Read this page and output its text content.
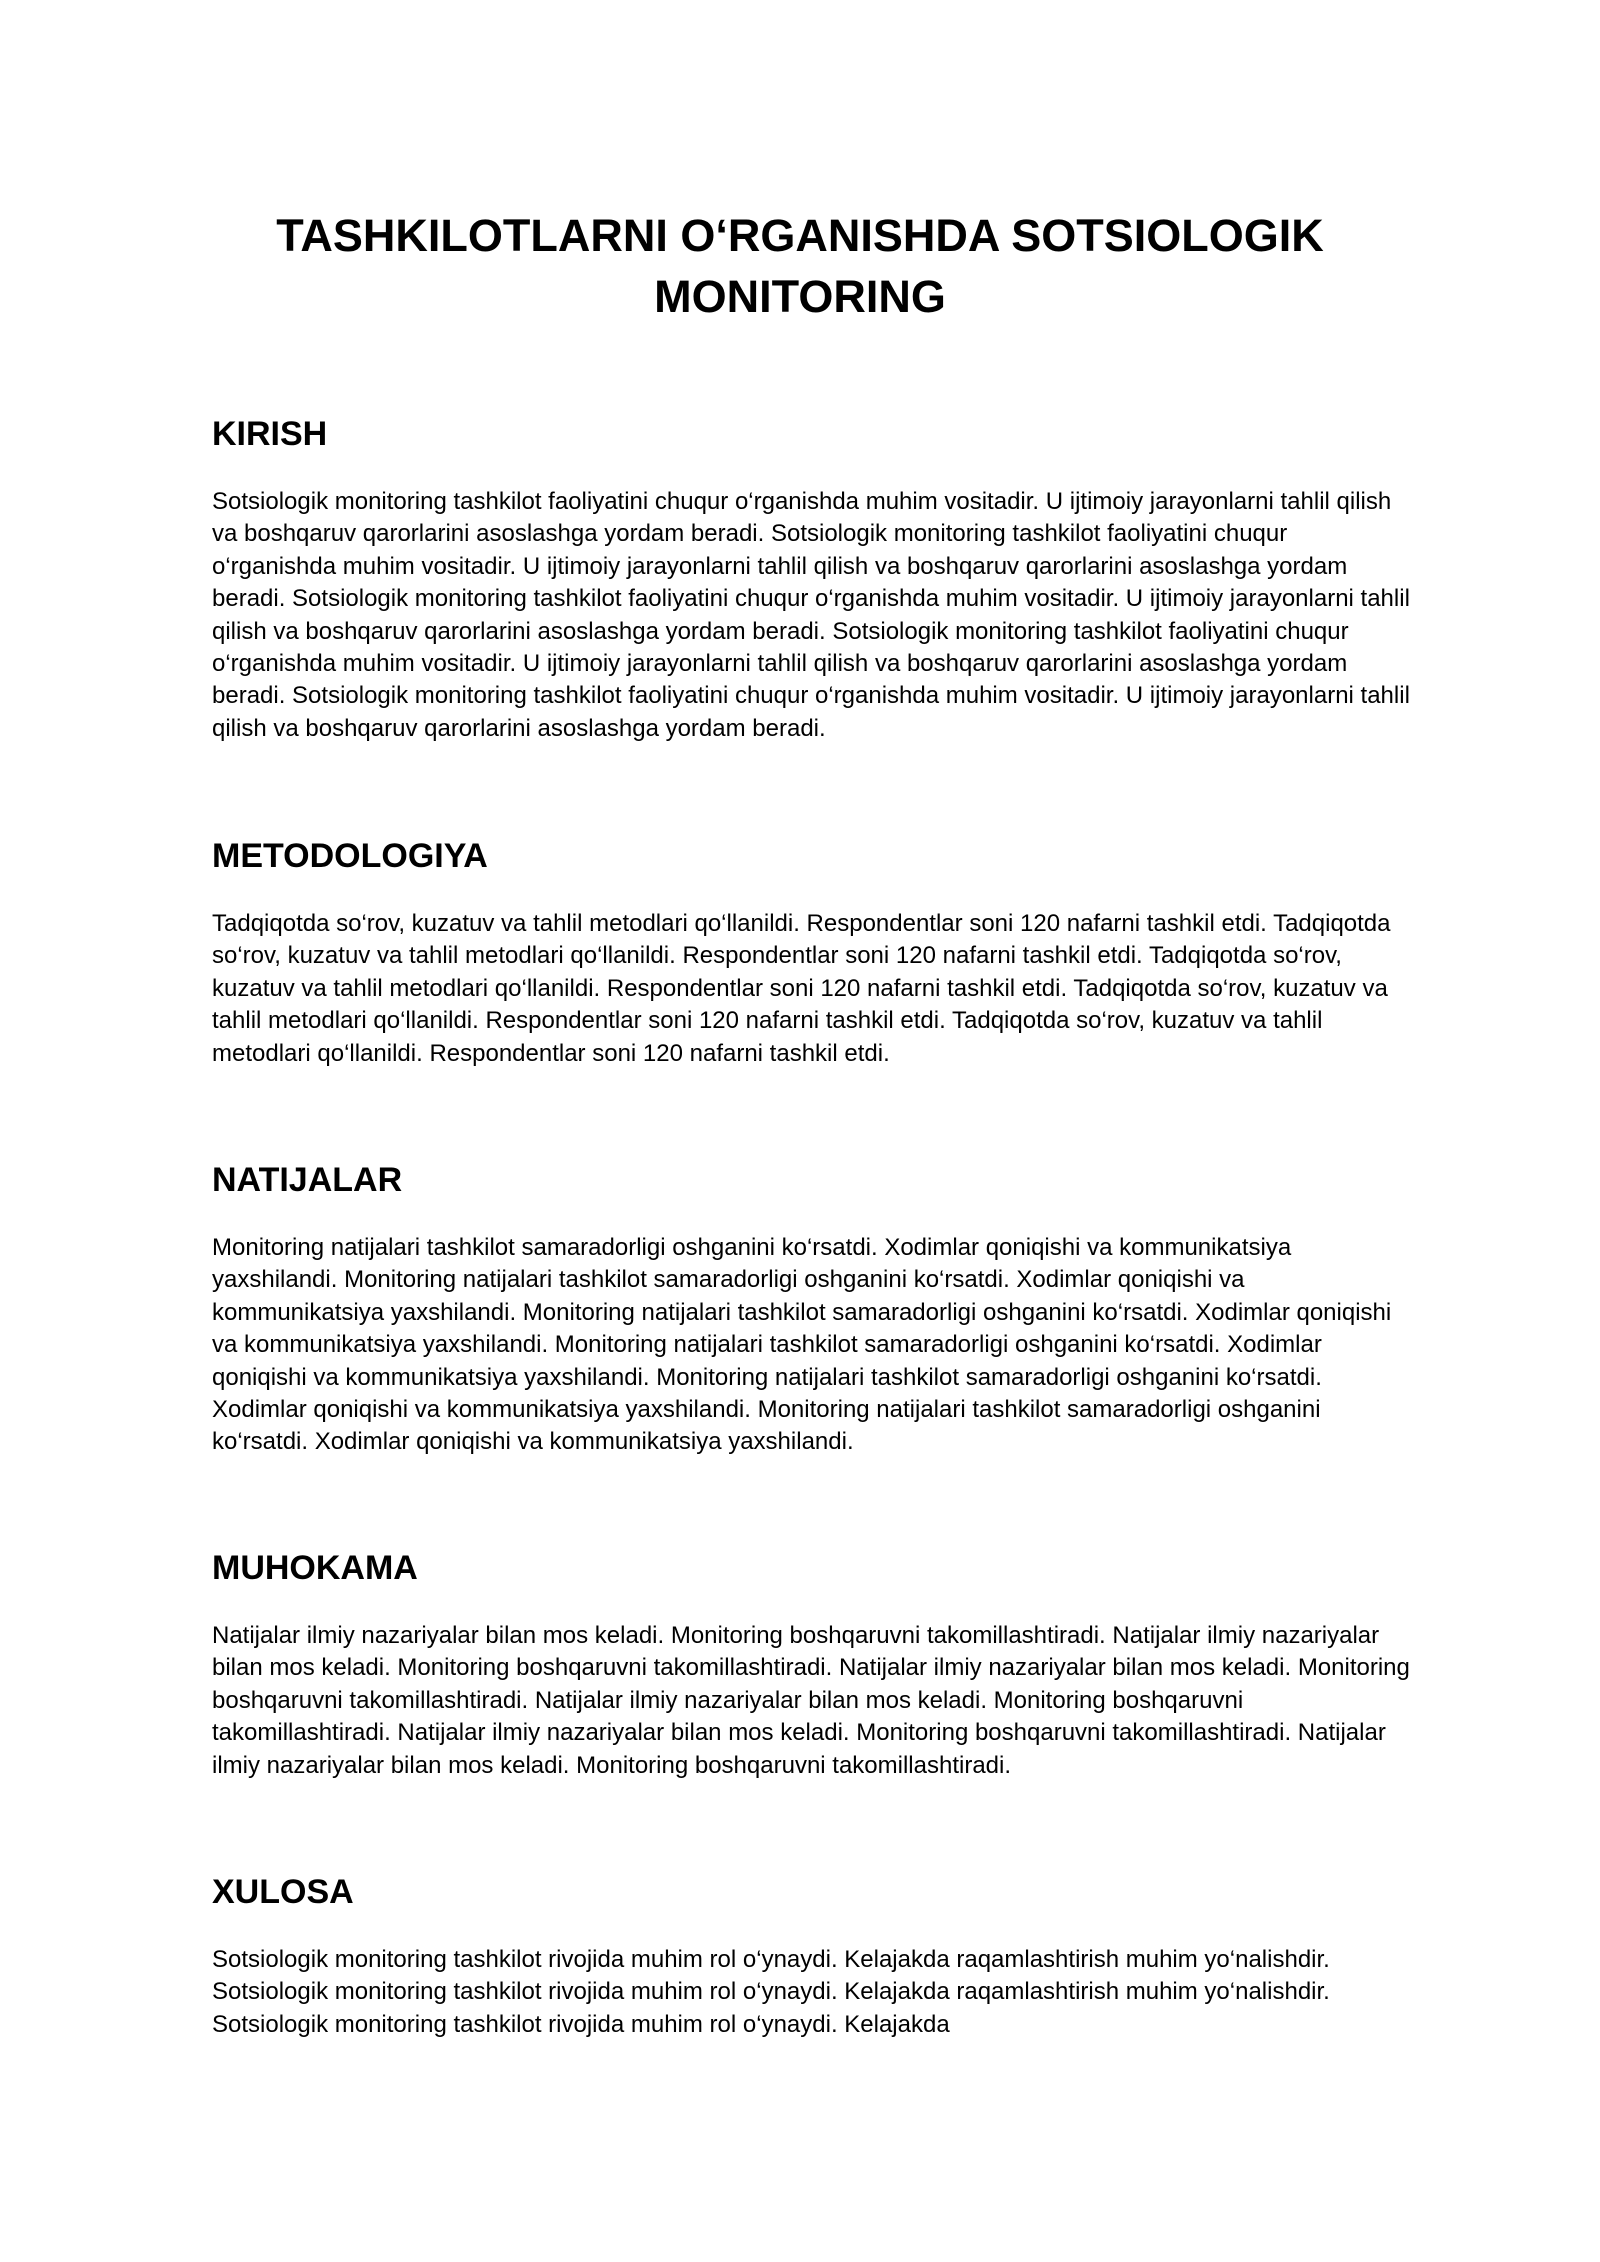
TASHKILOTLARNI O‘RGANISHDA SOTSIOLOGIK MONITORING
KIRISH

Sotsiologik monitoring tashkilot faoliyatini chuqur o‘rganishda muhim vositadir. U ijtimoiy jarayonlarni tahlil qilish va boshqaruv qarorlarini asoslashga yordam beradi. Sotsiologik monitoring tashkilot faoliyatini chuqur o‘rganishda muhim vositadir. U ijtimoiy jarayonlarni tahlil qilish va boshqaruv qarorlarini asoslashga yordam beradi. Sotsiologik monitoring tashkilot faoliyatini chuqur o‘rganishda muhim vositadir. U ijtimoiy jarayonlarni tahlil qilish va boshqaruv qarorlarini asoslashga yordam beradi. Sotsiologik monitoring tashkilot faoliyatini chuqur o‘rganishda muhim vositadir. U ijtimoiy jarayonlarni tahlil qilish va boshqaruv qarorlarini asoslashga yordam beradi. Sotsiologik monitoring tashkilot faoliyatini chuqur o‘rganishda muhim vositadir. U ijtimoiy jarayonlarni tahlil qilish va boshqaruv qarorlarini asoslashga yordam beradi.

METODOLOGIYA

Tadqiqotda so‘rov, kuzatuv va tahlil metodlari qo‘llanildi. Respondentlar soni 120 nafarni tashkil etdi. Tadqiqotda so‘rov, kuzatuv va tahlil metodlari qo‘llanildi. Respondentlar soni 120 nafarni tashkil etdi. Tadqiqotda so‘rov, kuzatuv va tahlil metodlari qo‘llanildi. Respondentlar soni 120 nafarni tashkil etdi. Tadqiqotda so‘rov, kuzatuv va tahlil metodlari qo‘llanildi. Respondentlar soni 120 nafarni tashkil etdi. Tadqiqotda so‘rov, kuzatuv va tahlil metodlari qo‘llanildi. Respondentlar soni 120 nafarni tashkil etdi.

NATIJALAR

Monitoring natijalari tashkilot samaradorligi oshganini ko‘rsatdi. Xodimlar qoniqishi va kommunikatsiya yaxshilandi. Monitoring natijalari tashkilot samaradorligi oshganini ko‘rsatdi. Xodimlar qoniqishi va kommunikatsiya yaxshilandi. Monitoring natijalari tashkilot samaradorligi oshganini ko‘rsatdi. Xodimlar qoniqishi va kommunikatsiya yaxshilandi. Monitoring natijalari tashkilot samaradorligi oshganini ko‘rsatdi. Xodimlar qoniqishi va kommunikatsiya yaxshilandi. Monitoring natijalari tashkilot samaradorligi oshganini ko‘rsatdi. Xodimlar qoniqishi va kommunikatsiya yaxshilandi. Monitoring natijalari tashkilot samaradorligi oshganini ko‘rsatdi. Xodimlar qoniqishi va kommunikatsiya yaxshilandi.

MUHOKAMA

Natijalar ilmiy nazariyalar bilan mos keladi. Monitoring boshqaruvni takomillashtiradi. Natijalar ilmiy nazariyalar bilan mos keladi. Monitoring boshqaruvni takomillashtiradi. Natijalar ilmiy nazariyalar bilan mos keladi. Monitoring boshqaruvni takomillashtiradi. Natijalar ilmiy nazariyalar bilan mos keladi. Monitoring boshqaruvni takomillashtiradi. Natijalar ilmiy nazariyalar bilan mos keladi. Monitoring boshqaruvni takomillashtiradi. Natijalar ilmiy nazariyalar bilan mos keladi. Monitoring boshqaruvni takomillashtiradi.

XULOSA

Sotsiologik monitoring tashkilot rivojida muhim rol o‘ynaydi. Kelajakda raqamlashtirish muhim yo‘nalishdir. Sotsiologik monitoring tashkilot rivojida muhim rol o‘ynaydi. Kelajakda raqamlashtirish muhim yo‘nalishdir. Sotsiologik monitoring tashkilot rivojida muhim rol o‘ynaydi. Kelajakda
